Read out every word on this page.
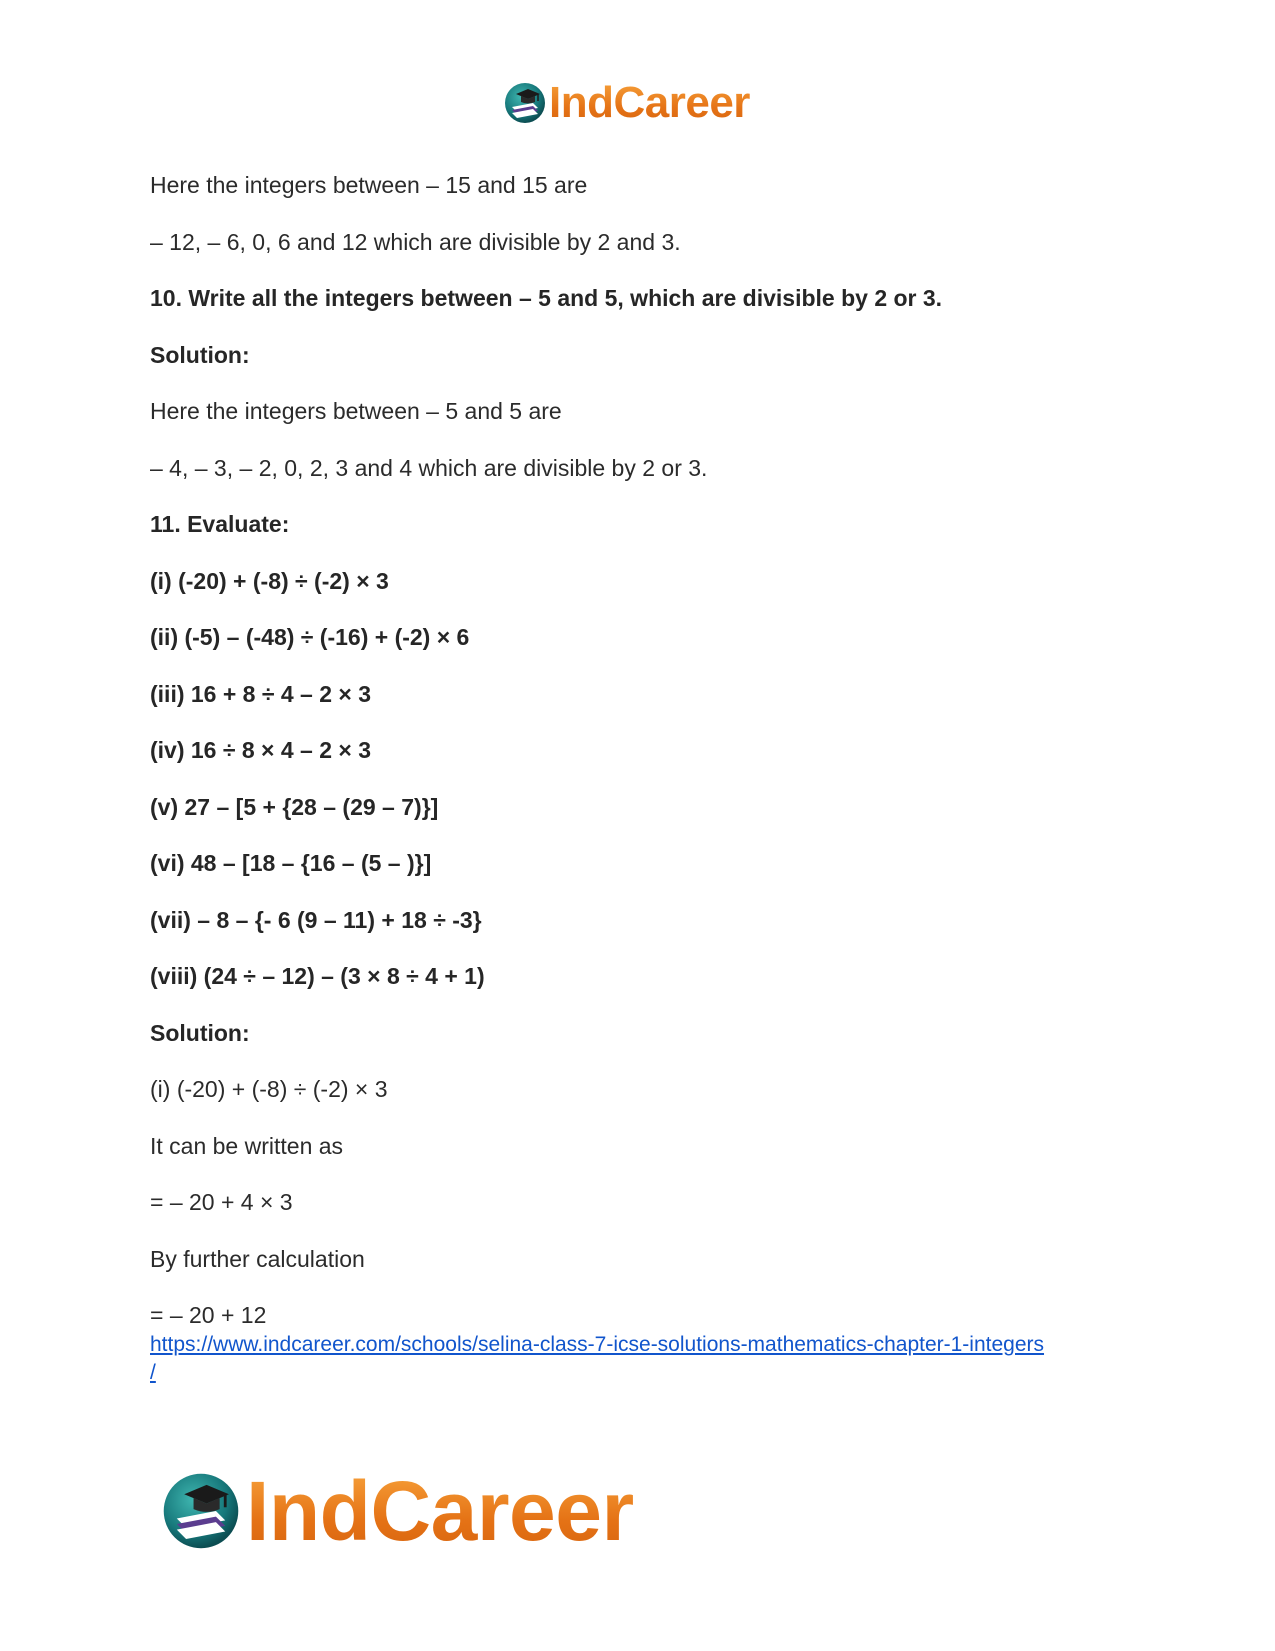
IndCareer
Here the integers between – 15 and 15 are
– 12, – 6, 0, 6 and 12 which are divisible by 2 and 3.
10. Write all the integers between – 5 and 5, which are divisible by 2 or 3.
Solution:
Here the integers between – 5 and 5 are
– 4, – 3, – 2, 0, 2, 3 and 4 which are divisible by 2 or 3.
11. Evaluate:
(i) (-20) + (-8) ÷ (-2) × 3
(ii) (-5) – (-48) ÷ (-16) + (-2) × 6
(iii) 16 + 8 ÷ 4 – 2 × 3
(iv) 16 ÷ 8 × 4 – 2 × 3
(v) 27 – [5 + {28 – (29 – 7)}]
(vi) 48 – [18 – {16 – (5 – )}]
(vii) – 8 – {- 6 (9 – 11) + 18 ÷ -3}
(viii) (24 ÷ – 12) – (3 × 8 ÷ 4 + 1)
Solution:
(i) (-20) + (-8) ÷ (-2) × 3
It can be written as
= – 20 + 4 × 3
By further calculation
= – 20 + 12
https://www.indcareer.com/schools/selina-class-7-icse-solutions-mathematics-chapter-1-integers
/
IndCareer
